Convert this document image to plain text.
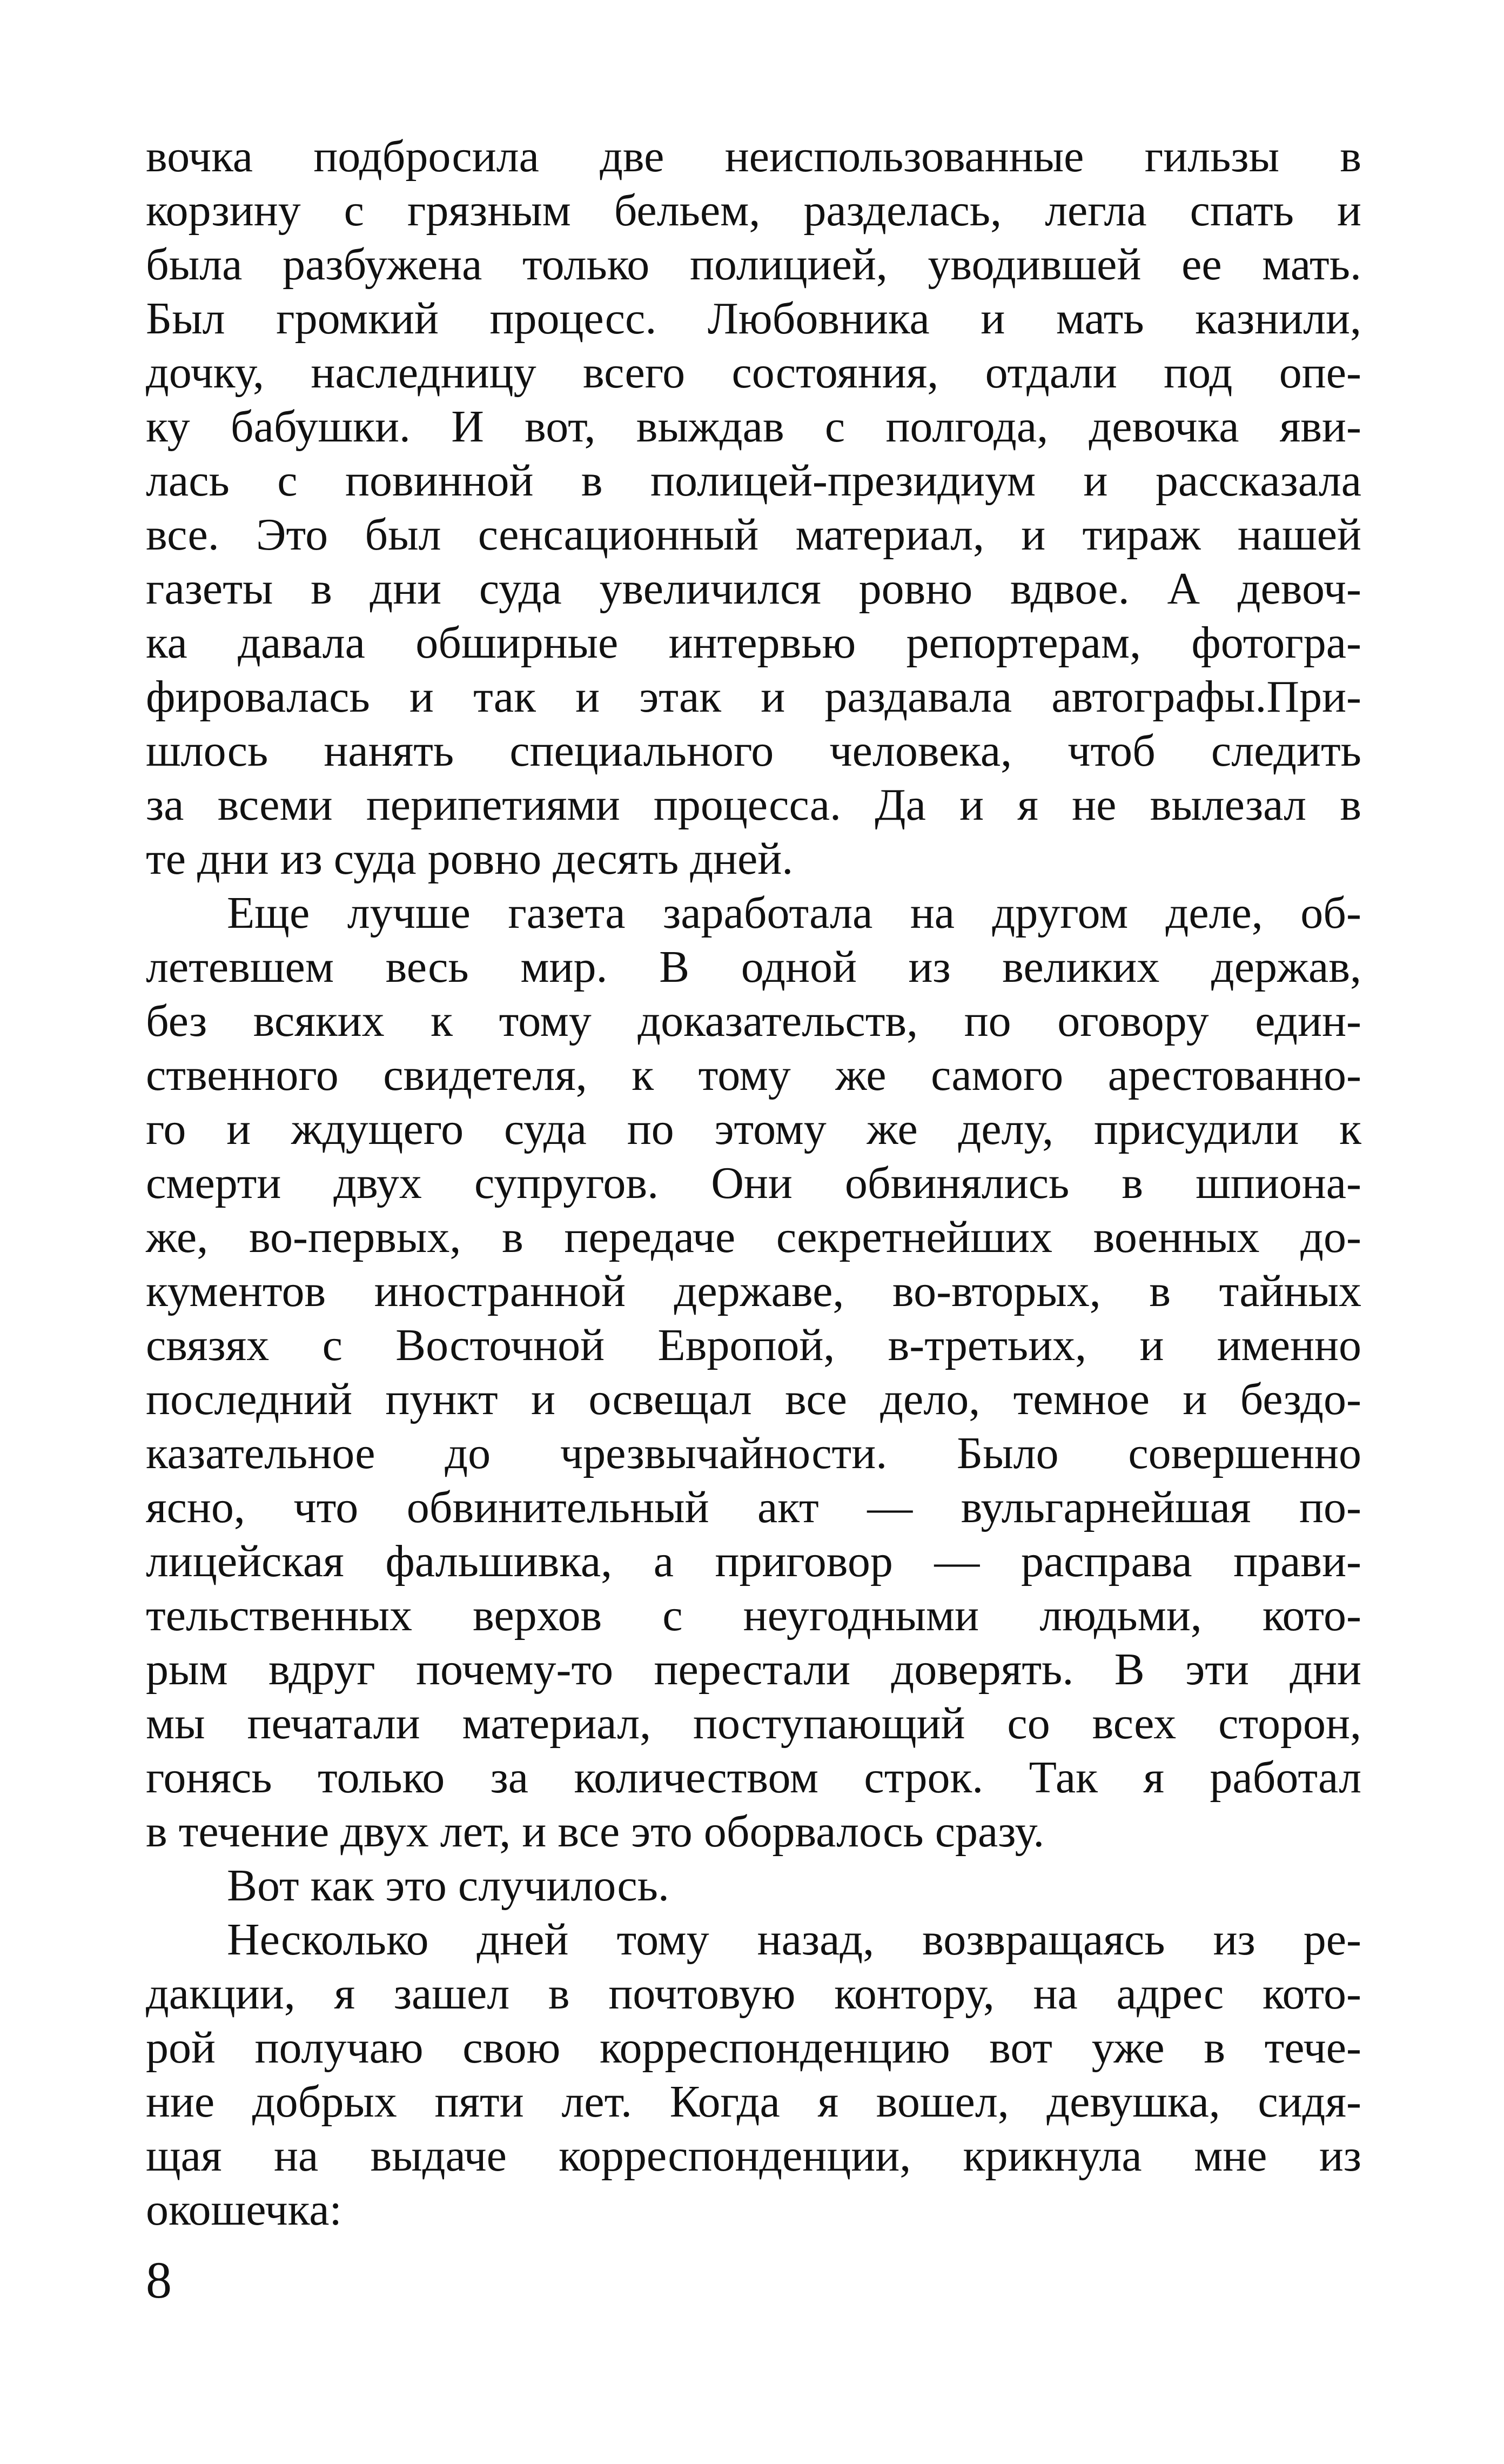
вочка подбросила две неиспользованные гильзы в
корзину с грязным бельем, разделась, легла спать и
была разбужена только полицией, уводившей ее мать.
Был громкий процесс. Любовника и мать казнили,
дочку, наследницу всего состояния, отдали под опе-
ку бабушки. И вот, выждав с полгода, девочка яви-
лась с повинной в полицей-президиум и рассказала
все. Это был сенсационный материал, и тираж нашей
газеты в дни суда увеличился ровно вдвое. А девоч-
ка давала обширные интервью репортерам, фотогра-
фировалась и так и этак и раздавала автографы.При-
шлось нанять специального человека, чтоб следить
за всеми перипетиями процесса. Да и я не вылезал в
те дни из суда ровно десять дней.
Еще лучше газета заработала на другом деле, об-
летевшем весь мир. В одной из великих держав,
без всяких к тому доказательств, по оговору един-
ственного свидетеля, к тому же самого арестованно-
го и ждущего суда по этому же делу, присудили к
смерти двух супругов. Они обвинялись в шпиона-
же, во-первых, в передаче секретнейших военных до-
кументов иностранной державе, во-вторых, в тайных
связях с Восточной Европой, в-третьих, и именно
последний пункт и освещал все дело, темное и бездо-
казательное до чрезвычайности. Было совершенно
ясно, что обвинительный акт — вульгарнейшая по-
лицейская фальшивка, а приговор — расправа прави-
тельственных верхов с неугодными людьми, кото-
рым вдруг почему-то перестали доверять. В эти дни
мы печатали материал, поступающий со всех сторон,
гонясь только за количеством строк. Так я работал
в течение двух лет, и все это оборвалось сразу.
Вот как это случилось.
Несколько дней тому назад, возвращаясь из ре-
дакции, я зашел в почтовую контору, на адрес кото-
рой получаю свою корреспонденцию вот уже в тече-
ние добрых пяти лет. Когда я вошел, девушка, сидя-
щая на выдаче корреспонденции, крикнула мне из
окошечка:
8
